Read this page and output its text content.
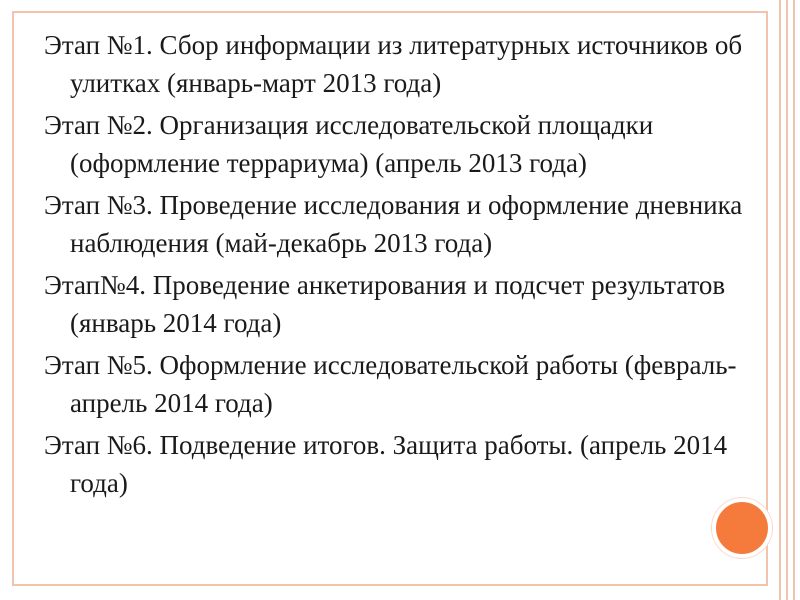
Этап №1. Сбор информации из литературных источников об улитках (январь-март 2013 года)
Этап №2. Организация исследовательской площадки (оформление террариума) (апрель 2013 года)
Этап №3. Проведение исследования и оформление дневника наблюдения (май-декабрь 2013 года)
Этап№4. Проведение анкетирования и подсчет результатов (январь 2014 года)
Этап №5. Оформление исследовательской работы (февраль-апрель 2014 года)
Этап №6. Подведение итогов. Защита работы. (апрель 2014 года)
